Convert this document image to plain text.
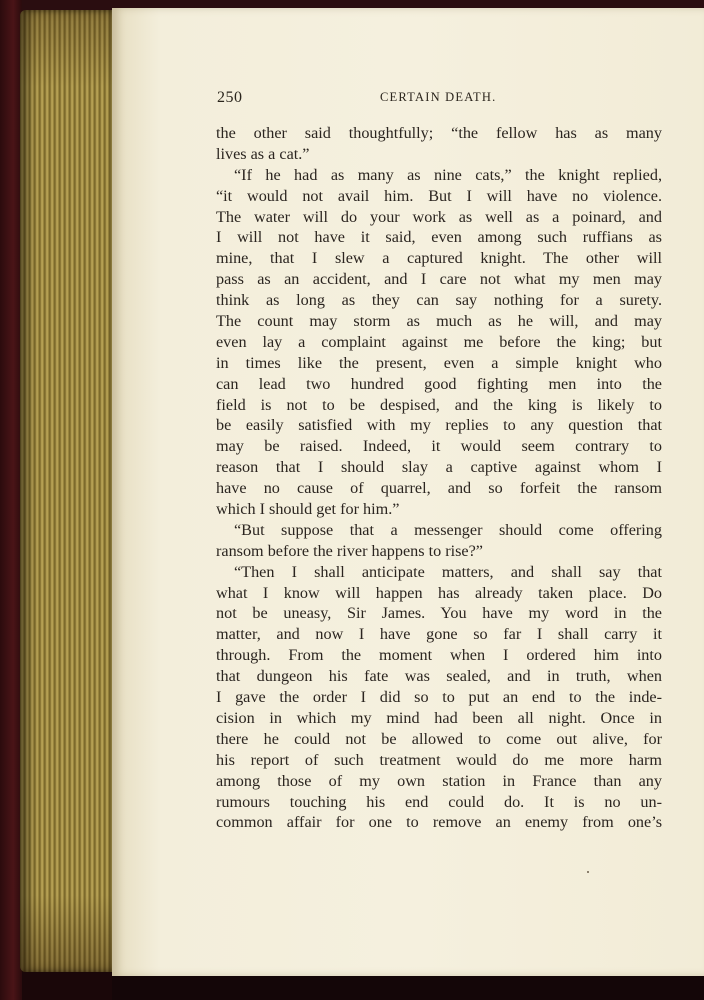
250	CERTAIN DEATH.
the other said thoughtfully; “the fellow has as many
lives as a cat.”
“If he had as many as nine cats,” the knight replied,
“it would not avail him. But I will have no violence.
The water will do your work as well as a poinard, and
I will not have it said, even among such ruffians as
mine, that I slew a captured knight. The other will
pass as an accident, and I care not what my men may
think as long as they can say nothing for a surety.
The count may storm as much as he will, and may
even lay a complaint against me before the king; but
in times like the present, even a simple knight who
can lead two hundred good fighting men into the
field is not to be despised, and the king is likely to
be easily satisfied with my replies to any question that
may be raised. Indeed, it would seem contrary to
reason that I should slay a captive against whom I
have no cause of quarrel, and so forfeit the ransom
which I should get for him.”
“But suppose that a messenger should come offering
ransom before the river happens to rise?”
“Then I shall anticipate matters, and shall say that
what I know will happen has already taken place. Do
not be uneasy, Sir James. You have my word in the
matter, and now I have gone so far I shall carry it
through. From the moment when I ordered him into
that dungeon his fate was sealed, and in truth, when
I gave the order I did so to put an end to the inde-
cision in which my mind had been all night. Once in
there he could not be allowed to come out alive, for
his report of such treatment would do me more harm
among those of my own station in France than any
rumours touching his end could do. It is no un-
common affair for one to remove an enemy from one’s
